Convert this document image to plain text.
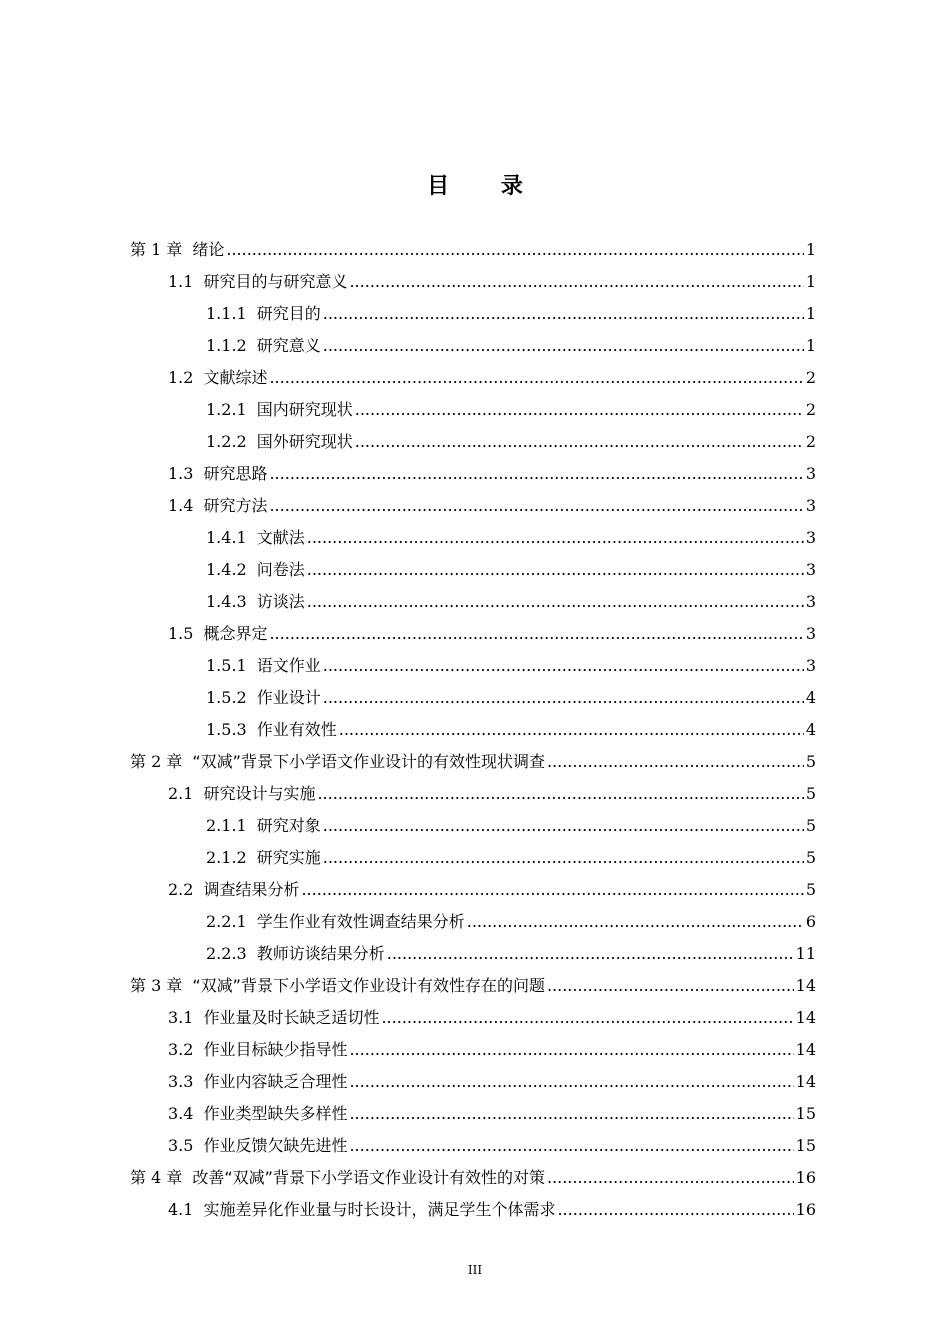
目 录
第 1 章 绪论 .....	1
1.1 研究目的与研究意义 .....	1
1.1.1 研究目的 .....	1
1.1.2 研究意义 .....	1
1.2 文献综述 .....	2
1.2.1 国内研究现状 .....	2
1.2.2 国外研究现状 .....	2
1.3 研究思路 .....	3
1.4 研究方法 .....	3
1.4.1 文献法 .....	3
1.4.2 问卷法 .....	3
1.4.3 访谈法 .....	3
1.5 概念界定 .....	3
1.5.1 语文作业 .....	3
1.5.2 作业设计 .....	4
1.5.3 作业有效性 .....	4
第 2 章 “双减”背景下小学语文作业设计的有效性现状调查 .....	5
2.1 研究设计与实施 .....	5
2.1.1 研究对象 .....	5
2.1.2 研究实施 .....	5
2.2 调查结果分析 .....	5
2.2.1 学生作业有效性调查结果分析 .....	6
2.2.3 教师访谈结果分析 .....	11
第 3 章 “双减”背景下小学语文作业设计有效性存在的问题 .....	14
3.1 作业量及时长缺乏适切性 .....	14
3.2 作业目标缺少指导性 .....	14
3.3 作业内容缺乏合理性 .....	14
3.4 作业类型缺失多样性 .....	15
3.5 作业反馈欠缺先进性 .....	15
第 4 章 改善“双减”背景下小学语文作业设计有效性的对策 .....	16
4.1 实施差异化作业量与时长设计，满足学生个体需求 .....	16
III
